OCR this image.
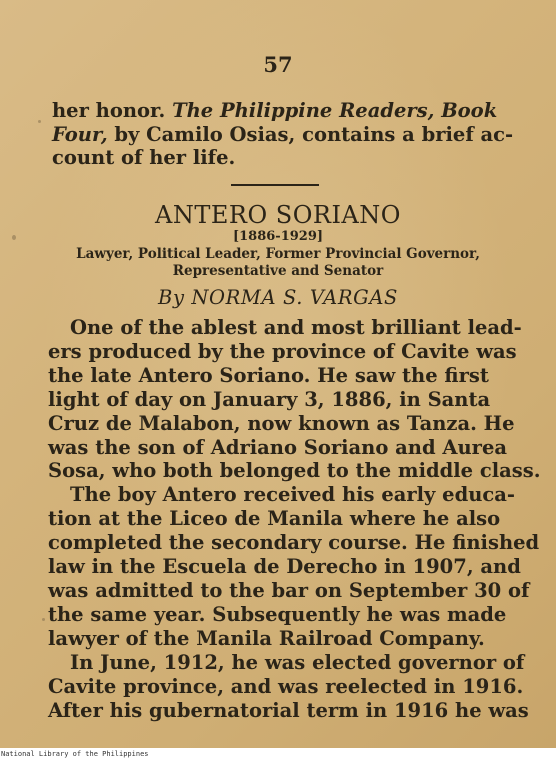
57

her honor. The Philippine Readers, Book
Four, by Camilo Osias, contains a brief ac-
count of her life.

ANTERO SORIANO

[1886-1929]

Lawyer, Political Leader, Former Provincial Governor,
Representative and Senator

By NORMA S. VARGAS

One of the ablest and most brilliant lead-
ers produced by the province of Cavite was
the late Antero Soriano. He saw the first
light of day on January 3, 1886, in Santa
Cruz de Malabon, now known as Tanza. He
was the son of Adriano Soriano and Aurea
Sosa, who both belonged to the middle class.
The boy Antero received his early educa-
tion at the Liceo de Manila where he also
completed the secondary course. He finished
law in the Escuela de Derecho in 1907, and
was admitted to the bar on September 30 of
the same year. Subsequently he was made
lawyer of the Manila Railroad Company.
In June, 1912, he was elected governor of
Cavite province, and was reelected in 1916.
After his gubernatorial term in 1916 he was

National Library of the Philippines
